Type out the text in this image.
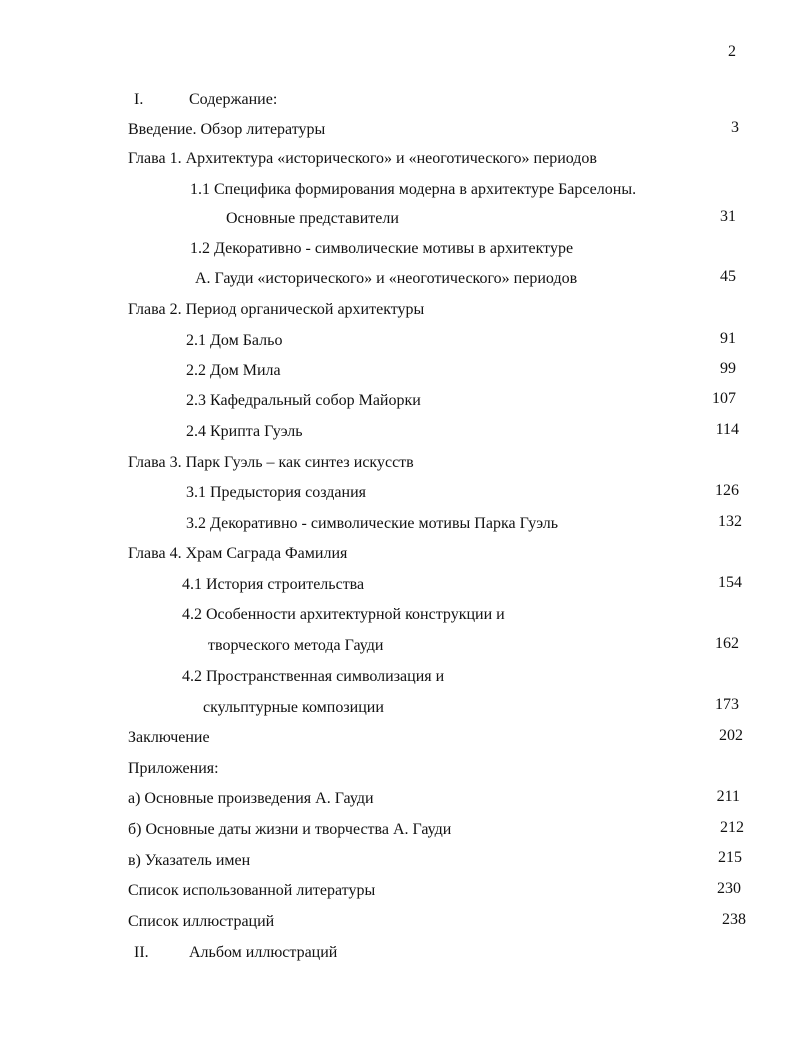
2
I.	Содержание:
Введение. Обзор литературы	3
Глава 1. Архитектура «исторического» и «неоготического» периодов
1.1 Специфика формирования модерна в архитектуре Барселоны.
Основные представители	31
1.2 Декоративно - символические мотивы в архитектуре
А. Гауди «исторического» и «неоготического» периодов	45
Глава 2. Период органической архитектуры
2.1 Дом Бальо	91
2.2 Дом Мила	99
2.3 Кафедральный собор Майорки	107
2.4 Крипта Гуэль	114
Глава 3. Парк Гуэль – как синтез искусств
3.1 Предыстория создания	126
3.2 Декоративно - символические мотивы Парка Гуэль	132
Глава 4. Храм Саграда Фамилия
4.1 История строительства	154
4.2 Особенности архитектурной конструкции и
творческого метода Гауди	162
4.2 Пространственная символизация и
скульптурные композиции	173
Заключение	202
Приложения:
а) Основные произведения А. Гауди	211
б) Основные даты жизни и творчества А. Гауди	212
в) Указатель имен	215
Список использованной литературы	230
Список иллюстраций	238
II.	Альбом иллюстраций
